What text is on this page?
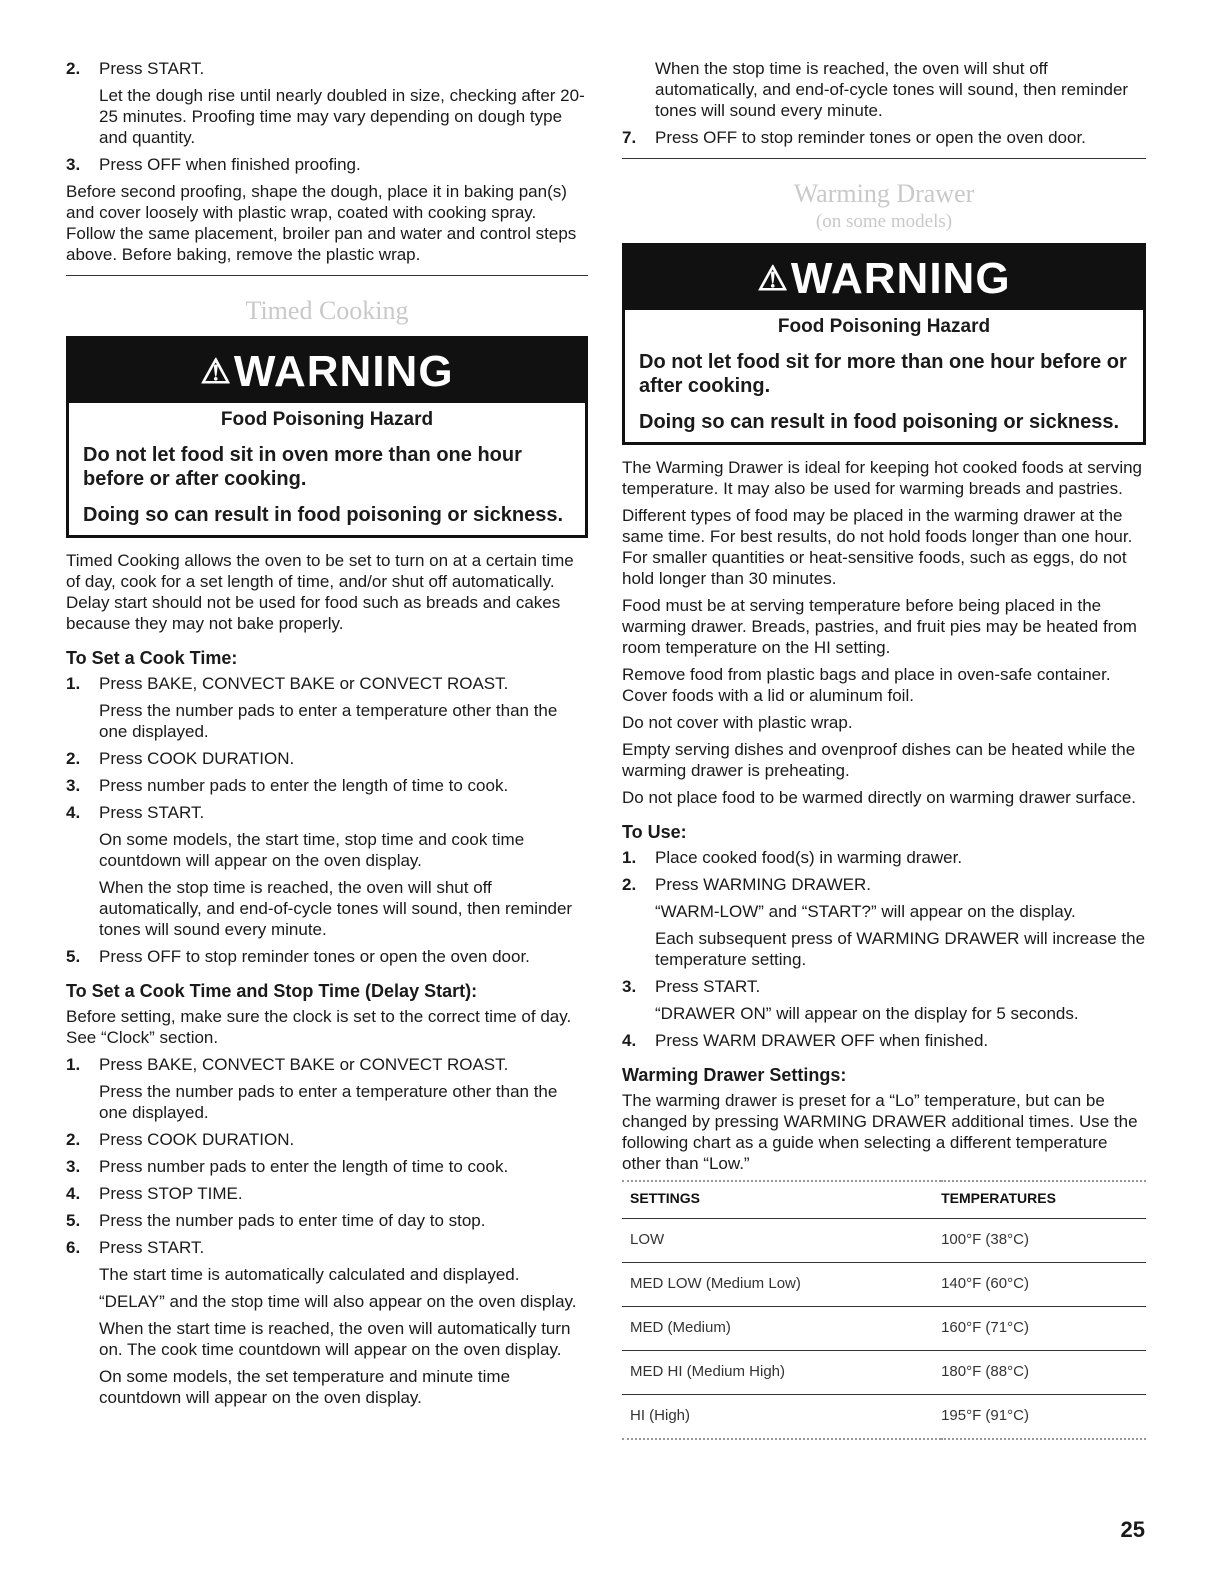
2.	Press START.

Let the dough rise until nearly doubled in size, checking after 20-25 minutes. Proofing time may vary depending on dough type and quantity.

3.	Press OFF when finished proofing.

Before second proofing, shape the dough, place it in baking pan(s) and cover loosely with plastic wrap, coated with cooking spray. Follow the same placement, broiler pan and water and control steps above. Before baking, remove the plastic wrap.

Timed Cooking
⚠WARNING
Food Poisoning Hazard
Do not let food sit in oven more than one hour before or after cooking.
Doing so can result in food poisoning or sickness.

Timed Cooking allows the oven to be set to turn on at a certain time of day, cook for a set length of time, and/or shut off automatically. Delay start should not be used for food such as breads and cakes because they may not bake properly.

To Set a Cook Time:
1.	Press BAKE, CONVECT BAKE or CONVECT ROAST.

Press the number pads to enter a temperature other than the one displayed.

2.	Press COOK DURATION.

3.	Press number pads to enter the length of time to cook.

4.	Press START.

On some models, the start time, stop time and cook time countdown will appear on the oven display.

When the stop time is reached, the oven will shut off automatically, and end-of-cycle tones will sound, then reminder tones will sound every minute.

5.	Press OFF to stop reminder tones or open the oven door.

To Set a Cook Time and Stop Time (Delay Start):

Before setting, make sure the clock is set to the correct time of day. See “Clock” section.

1.	Press BAKE, CONVECT BAKE or CONVECT ROAST.

Press the number pads to enter a temperature other than the one displayed.

2.	Press COOK DURATION.

3.	Press number pads to enter the length of time to cook.

4.	Press STOP TIME.

5.	Press the number pads to enter time of day to stop.

6.	Press START.

The start time is automatically calculated and displayed.

“DELAY” and the stop time will also appear on the oven display.

When the start time is reached, the oven will automatically turn on. The cook time countdown will appear on the oven display.

On some models, the set temperature and minute time countdown will appear on the oven display.

When the stop time is reached, the oven will shut off automatically, and end-of-cycle tones will sound, then reminder tones will sound every minute.

7.	Press OFF to stop reminder tones or open the oven door.

Warming Drawer
(on some models)
⚠WARNING
Food Poisoning Hazard
Do not let food sit for more than one hour before or after cooking.
Doing so can result in food poisoning or sickness.

The Warming Drawer is ideal for keeping hot cooked foods at serving temperature. It may also be used for warming breads and pastries.

Different types of food may be placed in the warming drawer at the same time. For best results, do not hold foods longer than one hour. For smaller quantities or heat-sensitive foods, such as eggs, do not hold longer than 30 minutes.

Food must be at serving temperature before being placed in the warming drawer. Breads, pastries, and fruit pies may be heated from room temperature on the HI setting.

Remove food from plastic bags and place in oven-safe container. Cover foods with a lid or aluminum foil.

Do not cover with plastic wrap.

Empty serving dishes and ovenproof dishes can be heated while the warming drawer is preheating.

Do not place food to be warmed directly on warming drawer surface.

To Use:
1.	Place cooked food(s) in warming drawer.

2.	Press WARMING DRAWER.

“WARM-LOW” and “START?” will appear on the display.

Each subsequent press of WARMING DRAWER will increase the temperature setting.

3.	Press START.

“DRAWER ON” will appear on the display for 5 seconds.

4.	Press WARM DRAWER OFF when finished.

Warming Drawer Settings:

The warming drawer is preset for a “Lo” temperature, but can be changed by pressing WARMING DRAWER additional times. Use the following chart as a guide when selecting a different temperature other than “Low.”

SETTINGS	TEMPERATURES
LOW	100°F (38°C)
MED LOW (Medium Low)	140°F (60°C)
MED (Medium)	160°F (71°C)
MED HI (Medium High)	180°F (88°C)
HI (High)	195°F (91°C)
25
